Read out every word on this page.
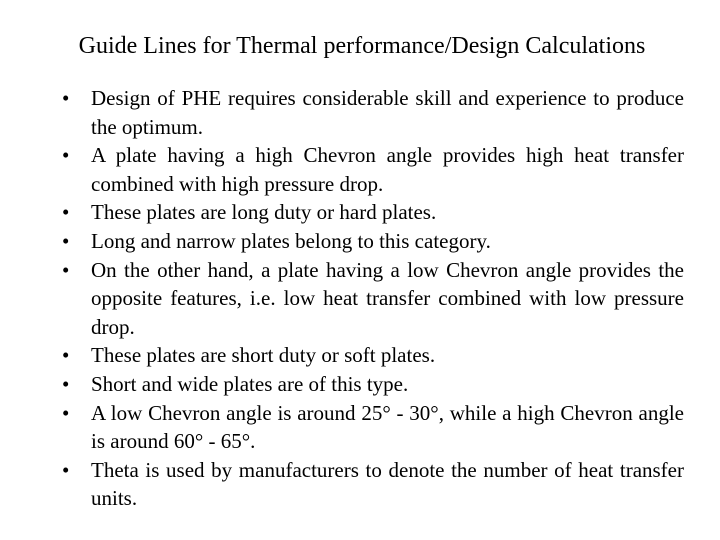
Guide Lines for Thermal performance/Design Calculations
•	Design of PHE requires considerable skill and experience to produce the optimum.
•	A plate having a high Chevron angle provides high heat transfer combined with high pressure drop.
•	These plates are long duty or hard plates.
•	Long and narrow plates belong to this category.
•	On the other hand, a plate having a low Chevron angle provides the opposite features, i.e. low heat transfer combined with low pressure drop.
•	These plates are short duty or soft plates.
•	Short and wide plates are of this type.
•	A low Chevron angle is around 25° - 30°, while a high Chevron angle is around 60° - 65°.
•	Theta is used by manufacturers to denote the number of heat transfer units.
